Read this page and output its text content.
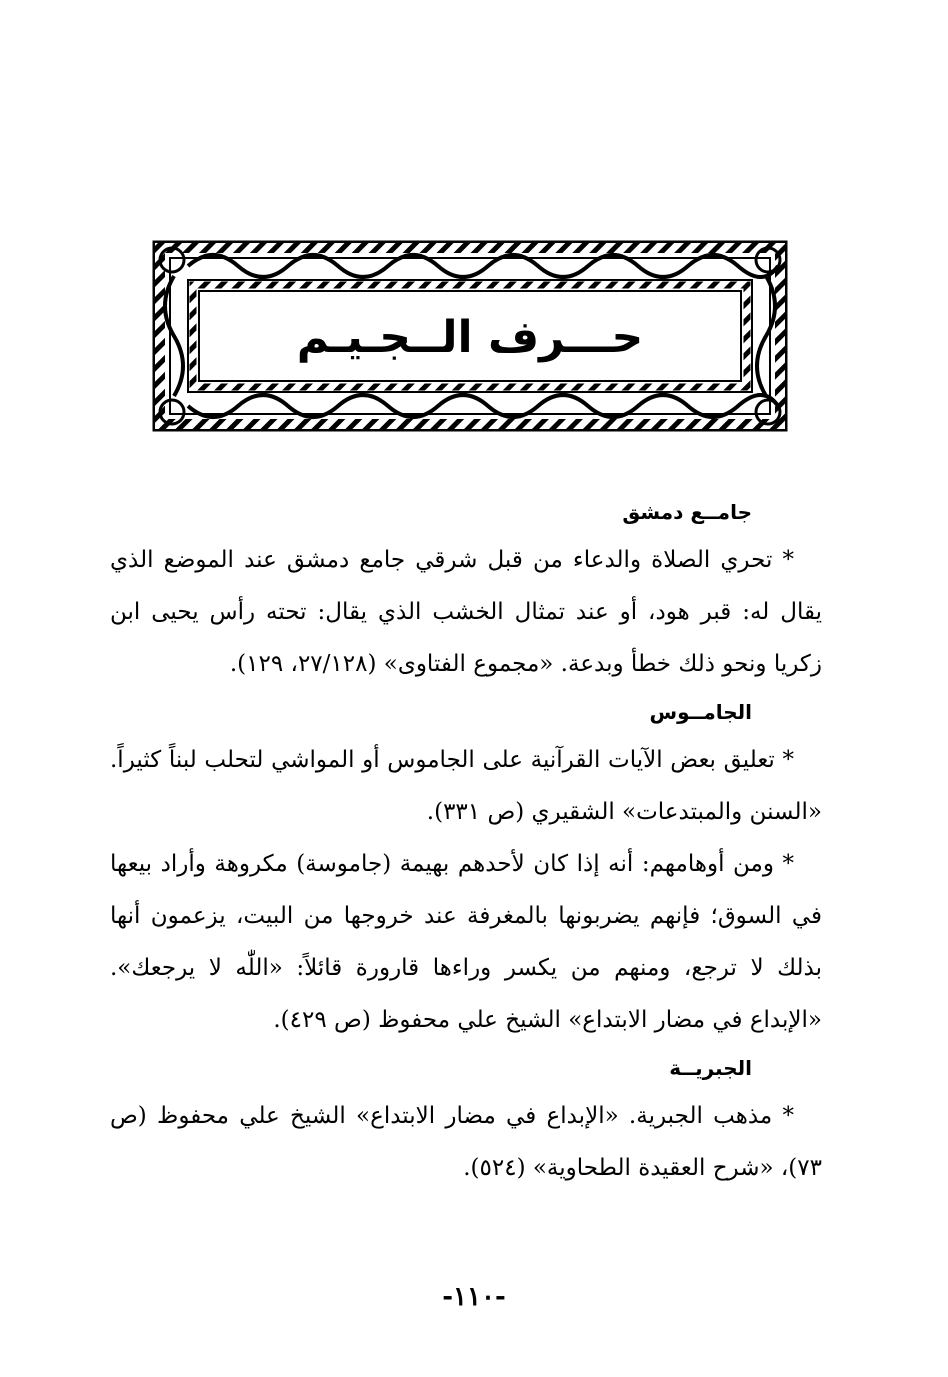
حـــرف الــجـيـم
جامــع دمشق

* تحري الصلاة والدعاء من قبل شرقي جامع دمشق عند الموضع الذي يقال له: قبر هود، أو عند تمثال الخشب الذي يقال: تحته رأس يحيى ابن زكريا ونحو ذلك خطأ وبدعة. «مجموع الفتاوى» (٢٧/١٢٨، ١٢٩).

الجامــوس

* تعليق بعض الآيات القرآنية على الجاموس أو المواشي لتحلب لبناً كثيراً. «السنن والمبتدعات» الشقيري (ص ٣٣١).

* ومن أوهامهم: أنه إذا كان لأحدهم بهيمة (جاموسة) مكروهة وأراد بيعها في السوق؛ فإنهم يضربونها بالمغرفة عند خروجها من البيت، يزعمون أنها بذلك لا ترجع، ومنهم من يكسر وراءها قارورة قائلاً: «اللّٰه لا يرجعك». «الإبداع في مضار الابتداع» الشيخ علي محفوظ (ص ٤٢٩).

الجبريــة

* مذهب الجبرية. «الإبداع في مضار الابتداع» الشيخ علي محفوظ (ص ٧٣)، «شرح العقيدة الطحاوية» (٥٢٤).

-١١٠-
